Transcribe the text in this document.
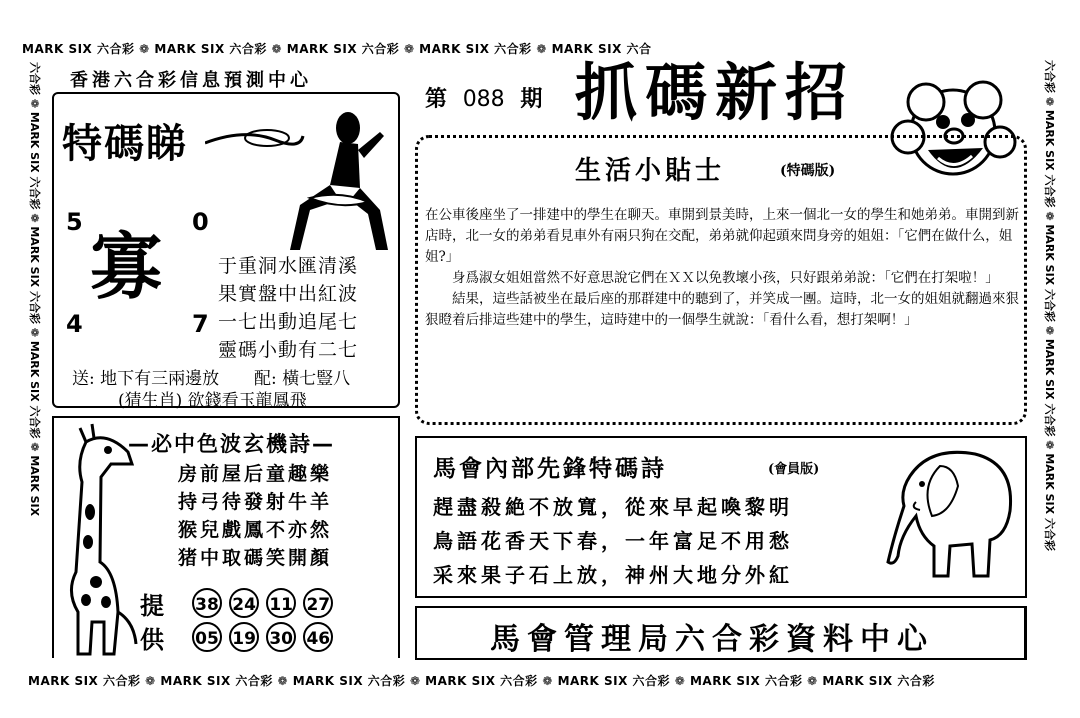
MARK SIX 六合彩 ❁ MARK SIX 六合彩 ❁ MARK SIX 六合彩 ❁ MARK SIX 六合彩 ❁ MARK SIX 六合
MARK SIX 六合彩 ❁ MARK SIX 六合彩 ❁ MARK SIX 六合彩 ❁ MARK SIX 六合彩 ❁ MARK SIX 六合彩 ❁ MARK SIX 六合彩 ❁ MARK SIX 六合彩
六合彩 ❁ MARK SIX 六合彩 ❁ MARK SIX 六合彩 ❁ MARK SIX 六合彩 ❁ MARK SIX	六合彩 ❁ MARK SIX 六合彩 ❁ MARK SIX 六合彩 ❁ MARK SIX 六合彩 ❁ MARK SIX 六合彩
香港六合彩信息預測中心
第 088 期 抓碼新招
特碼睇
5	0
4	7
寡	于重洞水匯清溪
果實盤中出紅波
一七出動追尾七
靈碼小動有二七
送: 地下有三兩邊放 配: 橫七豎八
(猜生肖) 欲錢看玉龍鳳飛
生活小貼士	(特碼版)

在公車後座坐了一排建中的學生在聊天。車開到景美時，上來一個北一女的學生和她弟弟。車開到新店時，北一女的弟弟看見車外有兩只狗在交配，弟弟就仰起頭來問身旁的姐姐：「它們在做什么，姐姐?」

身爲淑女姐姐當然不好意思說它們在ＸＸ以免教壞小孩，只好跟弟弟說：「它們在打架啦！」

結果，這些話被坐在最后座的那群建中的聽到了，并笑成一團。這時，北一女的姐姐就翻過來狠狠瞪着后排這些建中的學生，這時建中的一個學生就說：「看什么看，想打架啊！」

—必中色波玄機詩—
房前屋后童趣樂
持弓待發射牛羊
猴兒戲鳳不亦然
猪中取碼笑開顏
提
供
38 24 11 27
05 19 30 46
馬會內部先鋒特碼詩	(會員版)
趕盡殺絶不放寬，從來早起喚黎明
鳥語花香天下春，一年富足不用愁
采來果子石上放，神州大地分外紅
馬會管理局六合彩資料中心
